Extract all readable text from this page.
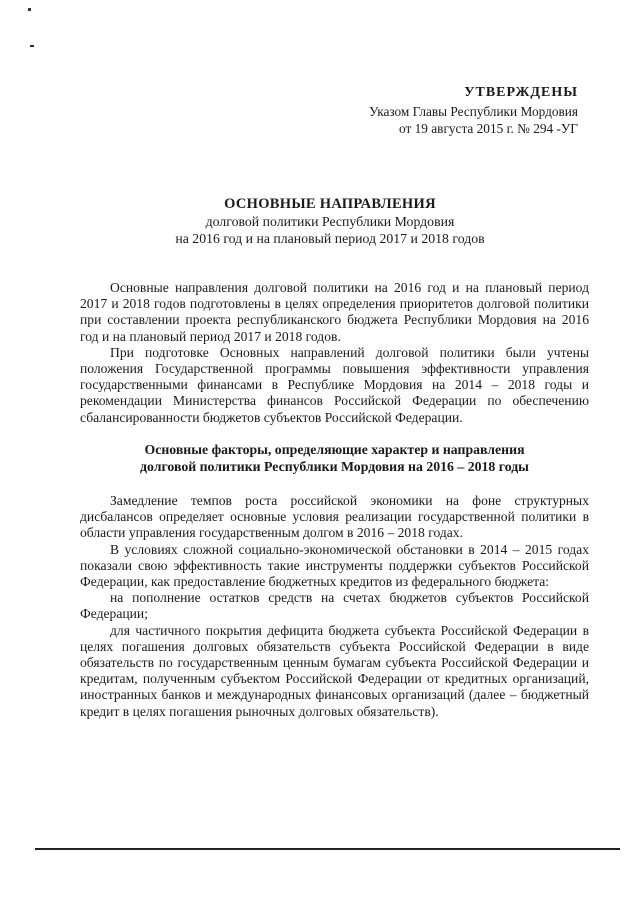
УТВЕРЖДЕНЫ
Указом Главы Республики Мордовия
от 19 августа 2015 г. № 294 -УГ
ОСНОВНЫЕ НАПРАВЛЕНИЯ
долговой политики Республики Мордовия
на 2016 год и на плановый период 2017 и 2018 годов

Основные направления долговой политики на 2016 год и на плановый период 2017 и 2018 годов подготовлены в целях определения приоритетов долговой политики при составлении проекта республиканского бюджета Республики Мордовия на 2016 год и на плановый период 2017 и 2018 годов.

При подготовке Основных направлений долговой политики были учтены положения Государственной программы повышения эффективности управления государственными финансами в Республике Мордовия на 2014 – 2018 годы и рекомендации Министерства финансов Российской Федерации по обеспечению сбалансированности бюджетов субъектов Российской Федерации.

Основные факторы, определяющие характер и направления
долговой политики Республики Мордовия на 2016 – 2018 годы

Замедление темпов роста российской экономики на фоне структурных дисбалансов определяет основные условия реализации государственной политики в области управления государственным долгом в 2016 – 2018 годах.

В условиях сложной социально-экономической обстановки в 2014 – 2015 годах показали свою эффективность такие инструменты поддержки субъектов Российской Федерации, как предоставление бюджетных кредитов из федерального бюджета:

на пополнение остатков средств на счетах бюджетов субъектов Российской Федерации;

для частичного покрытия дефицита бюджета субъекта Российской Федерации в целях погашения долговых обязательств субъекта Российской Федерации в виде обязательств по государственным ценным бумагам субъекта Российской Федерации и кредитам, полученным субъектом Российской Федерации от кредитных организаций, иностранных банков и международных финансовых организаций (далее – бюджетный кредит в целях погашения рыночных долговых обязательств).
